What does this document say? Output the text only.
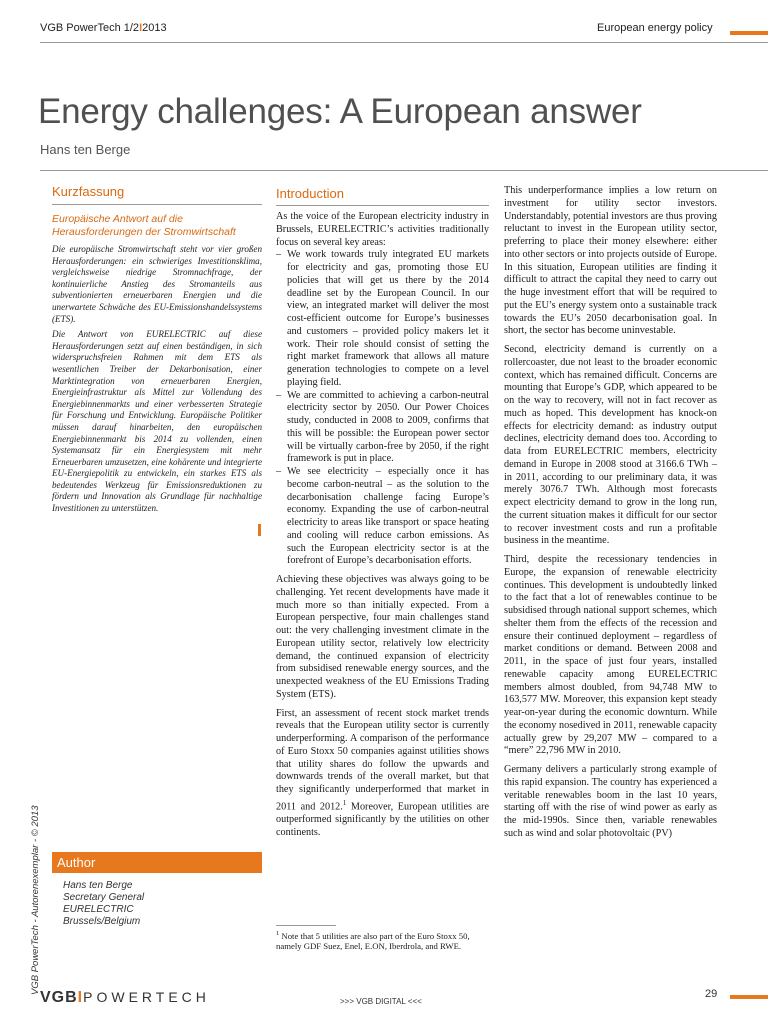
VGB PowerTech 1/2I2013	European energy policy
Energy challenges: A European answer
Hans ten Berge
Kurzfassung
Europäische Antwort auf die Herausforderungen der Stromwirtschaft

Die europäische Stromwirtschaft steht vor vier großen Herausforderungen: ein schwieriges Investitionsklima, vergleichsweise niedrige Stromnachfrage, der kontinuierliche Anstieg des Stromanteils aus subventionierten erneuerbaren Energien und die unerwartete Schwäche des EU-Emissionshandelssystems (ETS).

Die Antwort von EURELECTRIC auf diese Herausforderungen setzt auf einen beständigen, in sich widerspruchsfreien Rahmen mit dem ETS als wesentlichen Treiber der Dekarbonisation, einer Marktintegration von erneuerbaren Energien, Energieinfrastruktur als Mittel zur Vollendung des Energiebinnenmarkts und einer verbesserten Strategie für Forschung und Entwicklung. Europäische Politiker müssen darauf hinarbeiten, den europäischen Energiebinnenmarkt bis 2014 zu vollenden, einen Systemansatz für ein Energiesystem mit mehr Erneuerbaren umzusetzen, eine kohärente und integrierte EU-Energiepolitik zu entwickeln, ein starkes ETS als bedeutendes Werkzeug für Emissionsreduktionen zu fördern und Innovation als Grundlage für nachhaltige Investitionen zu unterstützen.

Author
Hans ten Berge
Secretary General
EURELECTRIC
Brussels/Belgium
VGB PowerTech - Autorenexemplar - © 2013
Introduction

As the voice of the European electricity industry in Brussels, EURELECTRIC’s activities traditionally focus on several key areas:

– We work towards truly integrated EU markets for electricity and gas, promoting those EU policies that will get us there by the 2014 deadline set by the European Council. In our view, an integrated market will deliver the most cost-efficient outcome for Europe’s businesses and customers – provided policy makers let it work. Their role should consist of setting the right market framework that allows all mature generation technologies to compete on a level playing field.
– We are committed to achieving a carbon-neutral electricity sector by 2050. Our Power Choices study, conducted in 2008 to 2009, confirms that this will be possible: the European power sector will be virtually carbon-free by 2050, if the right framework is put in place.
– We see electricity – especially once it has become carbon-neutral – as the solution to the decarbonisation challenge facing Europe’s economy. Expanding the use of carbon-neutral electricity to areas like transport or space heating and cooling will reduce carbon emissions. As such the European electricity sector is at the forefront of Europe’s decarbonisation efforts.

Achieving these objectives was always going to be challenging. Yet recent developments have made it much more so than initially expected. From a European perspective, four main challenges stand out: the very challenging investment climate in the European utility sector, relatively low electricity demand, the continued expansion of electricity from subsidised renewable energy sources, and the unexpected weakness of the EU Emissions Trading System (ETS).

First, an assessment of recent stock market trends reveals that the European utility sector is currently underperforming. A comparison of the performance of Euro Stoxx 50 companies against utilities shows that utility shares do follow the upwards and downwards trends of the overall market, but that they significantly underperformed that market in 2011 and 2012.$^1$ Moreover, European utilities are outperformed significantly by the utilities on other continents.

$^1$ Note that 5 utilities are also part of the Euro Stoxx 50, namely GDF Suez, Enel, E.ON, Iberdrola, and RWE.

This underperformance implies a low return on investment for utility sector investors. Understandably, potential investors are thus proving reluctant to invest in the European utility sector, preferring to place their money elsewhere: either into other sectors or into projects outside of Europe. In this situation, European utilities are finding it difficult to attract the capital they need to carry out the huge investment effort that will be required to put the EU’s energy system onto a sustainable track towards the EU’s 2050 decarbonisation goal. In short, the sector has become uninvestable.

Second, electricity demand is currently on a rollercoaster, due not least to the broader economic context, which has remained difficult. Concerns are mounting that Europe’s GDP, which appeared to be on the way to recovery, will not in fact recover as much as hoped. This development has knock-on effects for electricity demand: as industry output declines, electricity demand does too. According to data from EURELECTRIC members, electricity demand in Europe in 2008 stood at 3166.6 TWh – in 2011, according to our preliminary data, it was merely 3076.7 TWh. Although most forecasts expect electricity demand to grow in the long run, the current situation makes it difficult for our sector to recover investment costs and run a profitable business in the meantime.

Third, despite the recessionary tendencies in Europe, the expansion of renewable electricity continues. This development is undoubtedly linked to the fact that a lot of renewables continue to be subsidised through national support schemes, which shelter them from the effects of the recession and ensure their continued deployment – regardless of market conditions or demand. Between 2008 and 2011, in the space of just four years, installed renewable capacity among EURELECTRIC members almost doubled, from 94,748 MW to 163,577 MW. Moreover, this expansion kept steady year-on-year during the economic downturn. While the economy nosedived in 2011, renewable capacity actually grew by 29,207 MW – compared to a “mere” 22,796 MW in 2010.

Germany delivers a particularly strong example of this rapid expansion. The country has experienced a veritable renewables boom in the last 10 years, starting off with the rise of wind power as early as the mid-1990s. Since then, variable renewables such as wind and solar photovoltaic (PV)

VGBIPOWERTECH	>>> VGB DIGITAL <<<
29
